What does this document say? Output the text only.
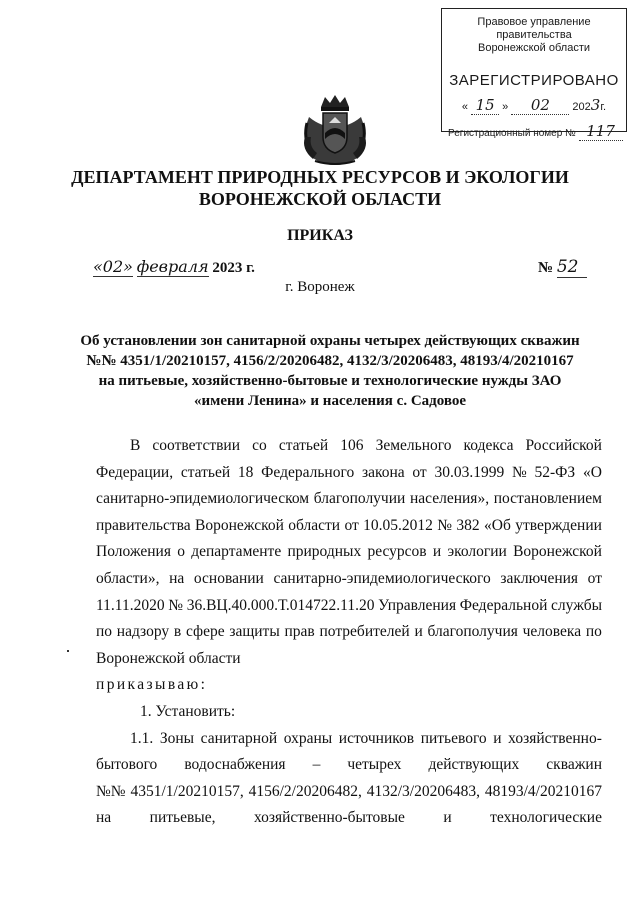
Правовое управление правительства
Воронежской области
ЗАРЕГИСТРИРОВАНО
« 15 » 02 2023г.
Регистрационный номер № 117
ДЕПАРТАМЕНТ ПРИРОДНЫХ РЕСУРСОВ И ЭКОЛОГИИ
ВОРОНЕЖСКОЙ ОБЛАСТИ
ПРИКАЗ
«02» февраля 2023 г.	№ 52
г. Воронеж
Об установлении зон санитарной охраны четырех действующих скважин
№№ 4351/1/20210157, 4156/2/20206482, 4132/3/20206483, 48193/4/20210167
на питьевые, хозяйственно-бытовые и технологические нужды ЗАО
«имени Ленина» и населения с. Садовое
В соответствии со статьей 106 Земельного кодекса Российской
Федерации, статьей 18 Федерального закона от 30.03.1999 № 52-ФЗ «О
санитарно-эпидемиологическом благополучии населения», постановлением
правительства Воронежской области от 10.05.2012 № 382 «Об утверждении
Положения о департаменте природных ресурсов и экологии Воронежской
области», на основании санитарно-эпидемиологического заключения от
11.11.2020 № 36.ВЦ.40.000.Т.014722.11.20 Управления Федеральной службы
по надзору в сфере защиты прав потребителей и благополучия человека по
Воронежской области
приказываю:
1. Установить:
1.1. Зоны санитарной охраны источников питьевого и хозяйственно-
бытового водоснабжения – четырех действующих скважин
№№ 4351/1/20210157, 4156/2/20206482, 4132/3/20206483, 48193/4/20210167
на питьевые, хозяйственно-бытовые и технологические
